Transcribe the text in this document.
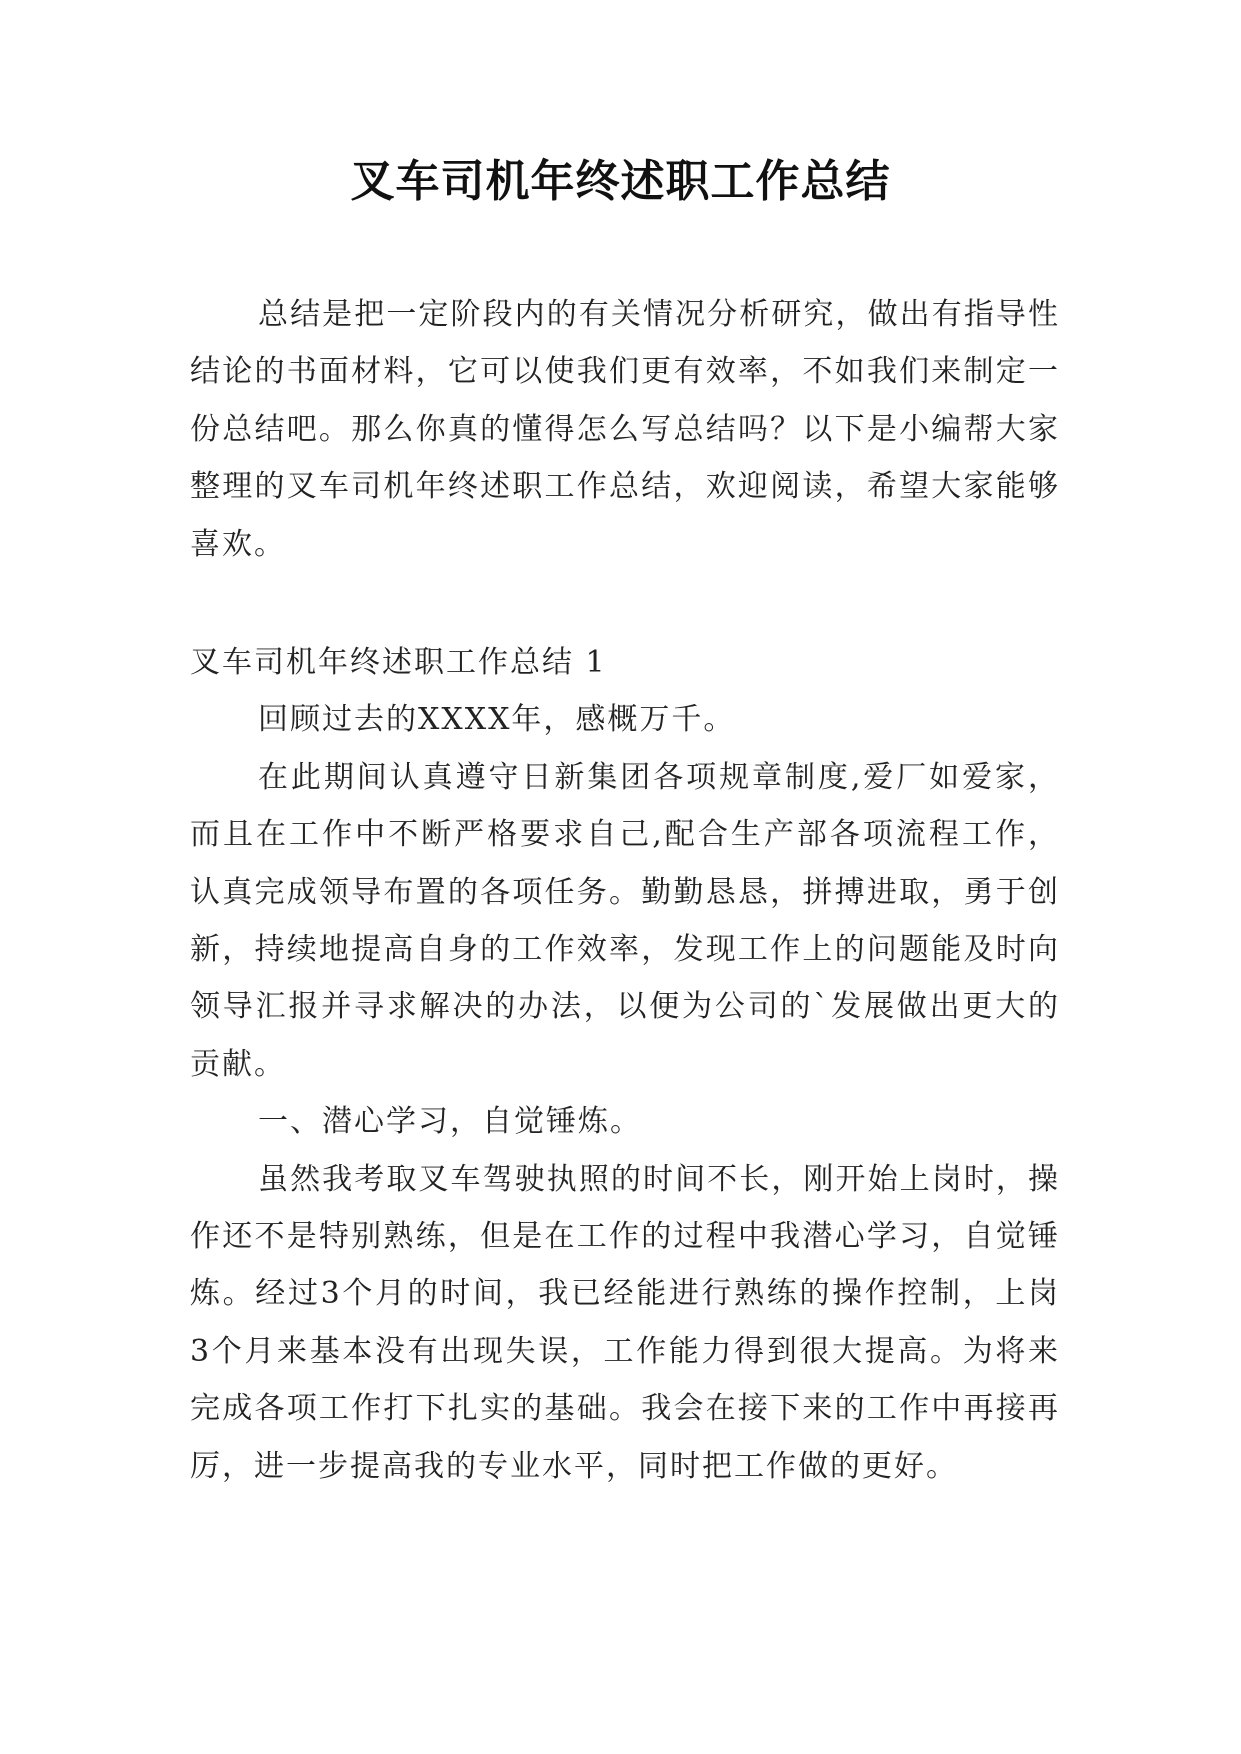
叉车司机年终述职工作总结

总结是把一定阶段内的有关情况分析研究，做出有指导性结论的书面材料，它可以使我们更有效率，不如我们来制定一份总结吧。那么你真的懂得怎么写总结吗？以下是小编帮大家整理的叉车司机年终述职工作总结，欢迎阅读，希望大家能够喜欢。

叉车司机年终述职工作总结 1

回顾过去的XXXX年，感概万千。

在此期间认真遵守日新集团各项规章制度,爱厂如爱家，而且在工作中不断严格要求自己,配合生产部各项流程工作，认真完成领导布置的各项任务。勤勤恳恳，拼搏进取，勇于创新，持续地提高自身的工作效率，发现工作上的问题能及时向领导汇报并寻求解决的办法，以便为公司的`发展做出更大的贡献。

一、潜心学习，自觉锤炼。

虽然我考取叉车驾驶执照的时间不长，刚开始上岗时，操作还不是特别熟练，但是在工作的过程中我潜心学习，自觉锤炼。经过3个月的时间，我已经能进行熟练的操作控制，上岗3个月来基本没有出现失误，工作能力得到很大提高。为将来完成各项工作打下扎实的基础。我会在接下来的工作中再接再厉，进一步提高我的专业水平，同时把工作做的更好。
